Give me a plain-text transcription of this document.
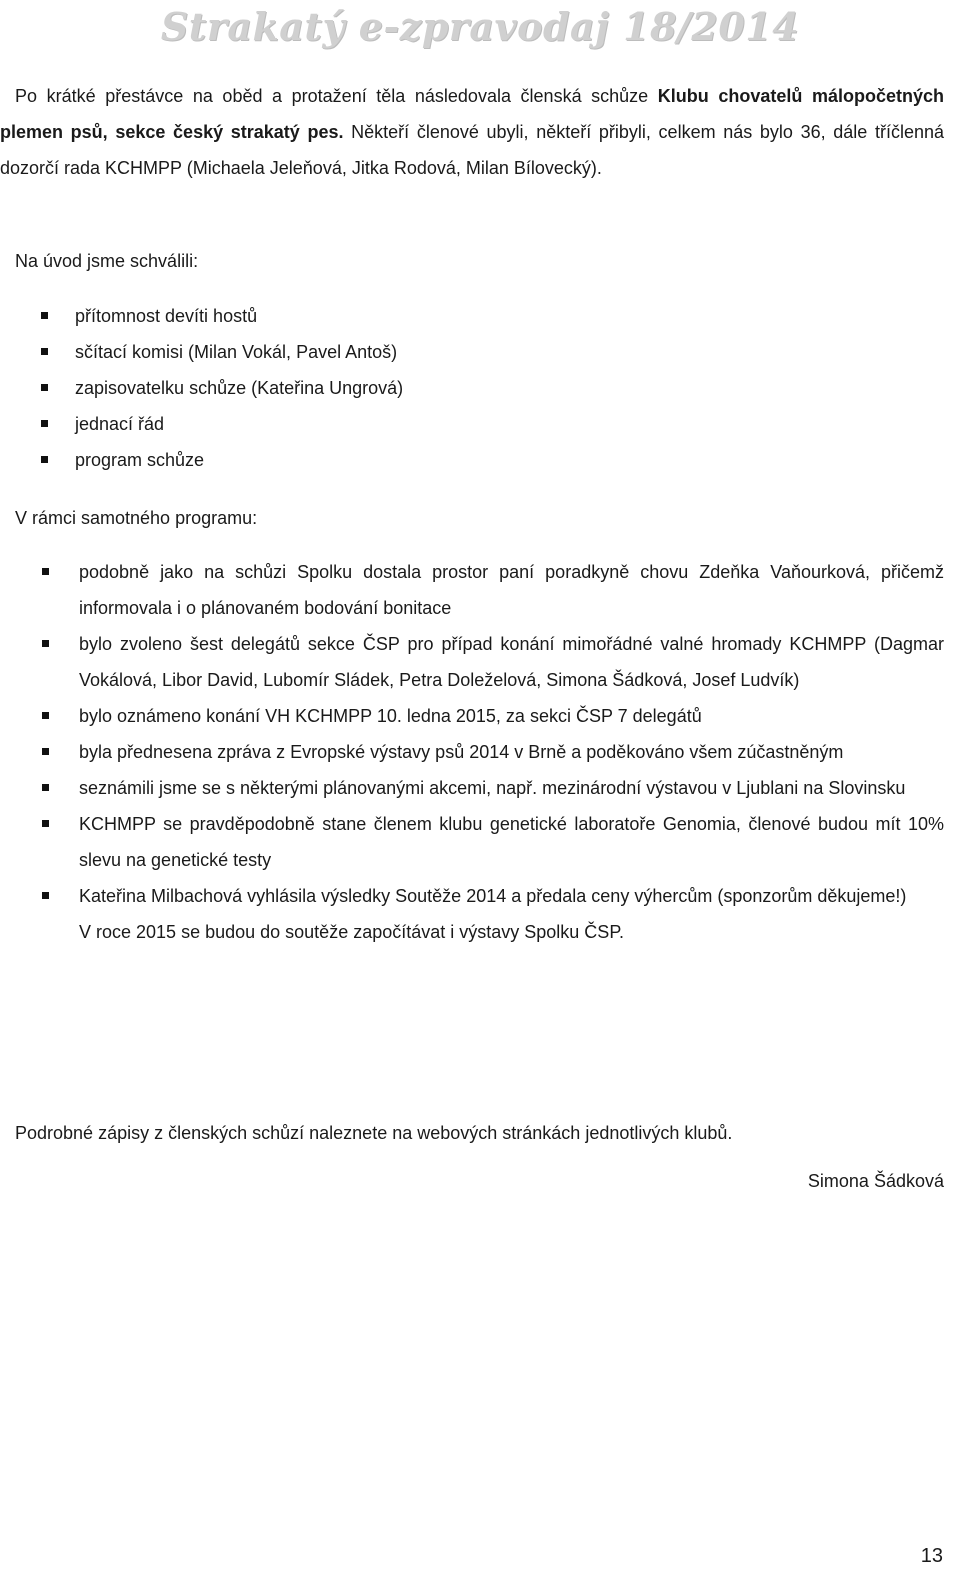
Strakatý e-zpravodaj 18/2014

Po krátké přestávce na oběd a protažení těla následovala členská schůze Klubu chovatelů málopočetných plemen psů, sekce český strakatý pes. Někteří členové ubyli, někteří přibyli, celkem nás bylo 36, dále tříčlenná dozorčí rada KCHMPP (Michaela Jeleňová, Jitka Rodová, Milan Bílovecký).

Na úvod jsme schválili:

přítomnost devíti hostů
sčítací komisi (Milan Vokál, Pavel Antoš)
zapisovatelku schůze (Kateřina Ungrová)
jednací řád
program schůze

V rámci samotného programu:

podobně jako na schůzi Spolku dostala prostor paní poradkyně chovu Zdeňka Vaňourková, přičemž informovala i o plánovaném bodování bonitace
bylo zvoleno šest delegátů sekce ČSP pro případ konání mimořádné valné hromady KCHMPP (Dagmar Vokálová, Libor David, Lubomír Sládek, Petra Doleželová, Simona Šádková, Josef Ludvík)
bylo oznámeno konání VH KCHMPP 10. ledna 2015, za sekci ČSP 7 delegátů
byla přednesena zpráva z Evropské výstavy psů 2014 v Brně a poděkováno všem zúčastněným
seznámili jsme se s některými plánovanými akcemi, např. mezinárodní výstavou v Ljublani na Slovinsku
KCHMPP se pravděpodobně stane členem klubu genetické laboratoře Genomia, členové budou mít 10% slevu na genetické testy
Kateřina Milbachová vyhlásila výsledky Soutěže 2014 a předala ceny výhercům (sponzorům děkujeme!)
V roce 2015 se budou do soutěže započítávat i výstavy Spolku ČSP.

Podrobné zápisy z členských schůzí naleznete na webových stránkách jednotlivých klubů.

Simona Šádková

13
